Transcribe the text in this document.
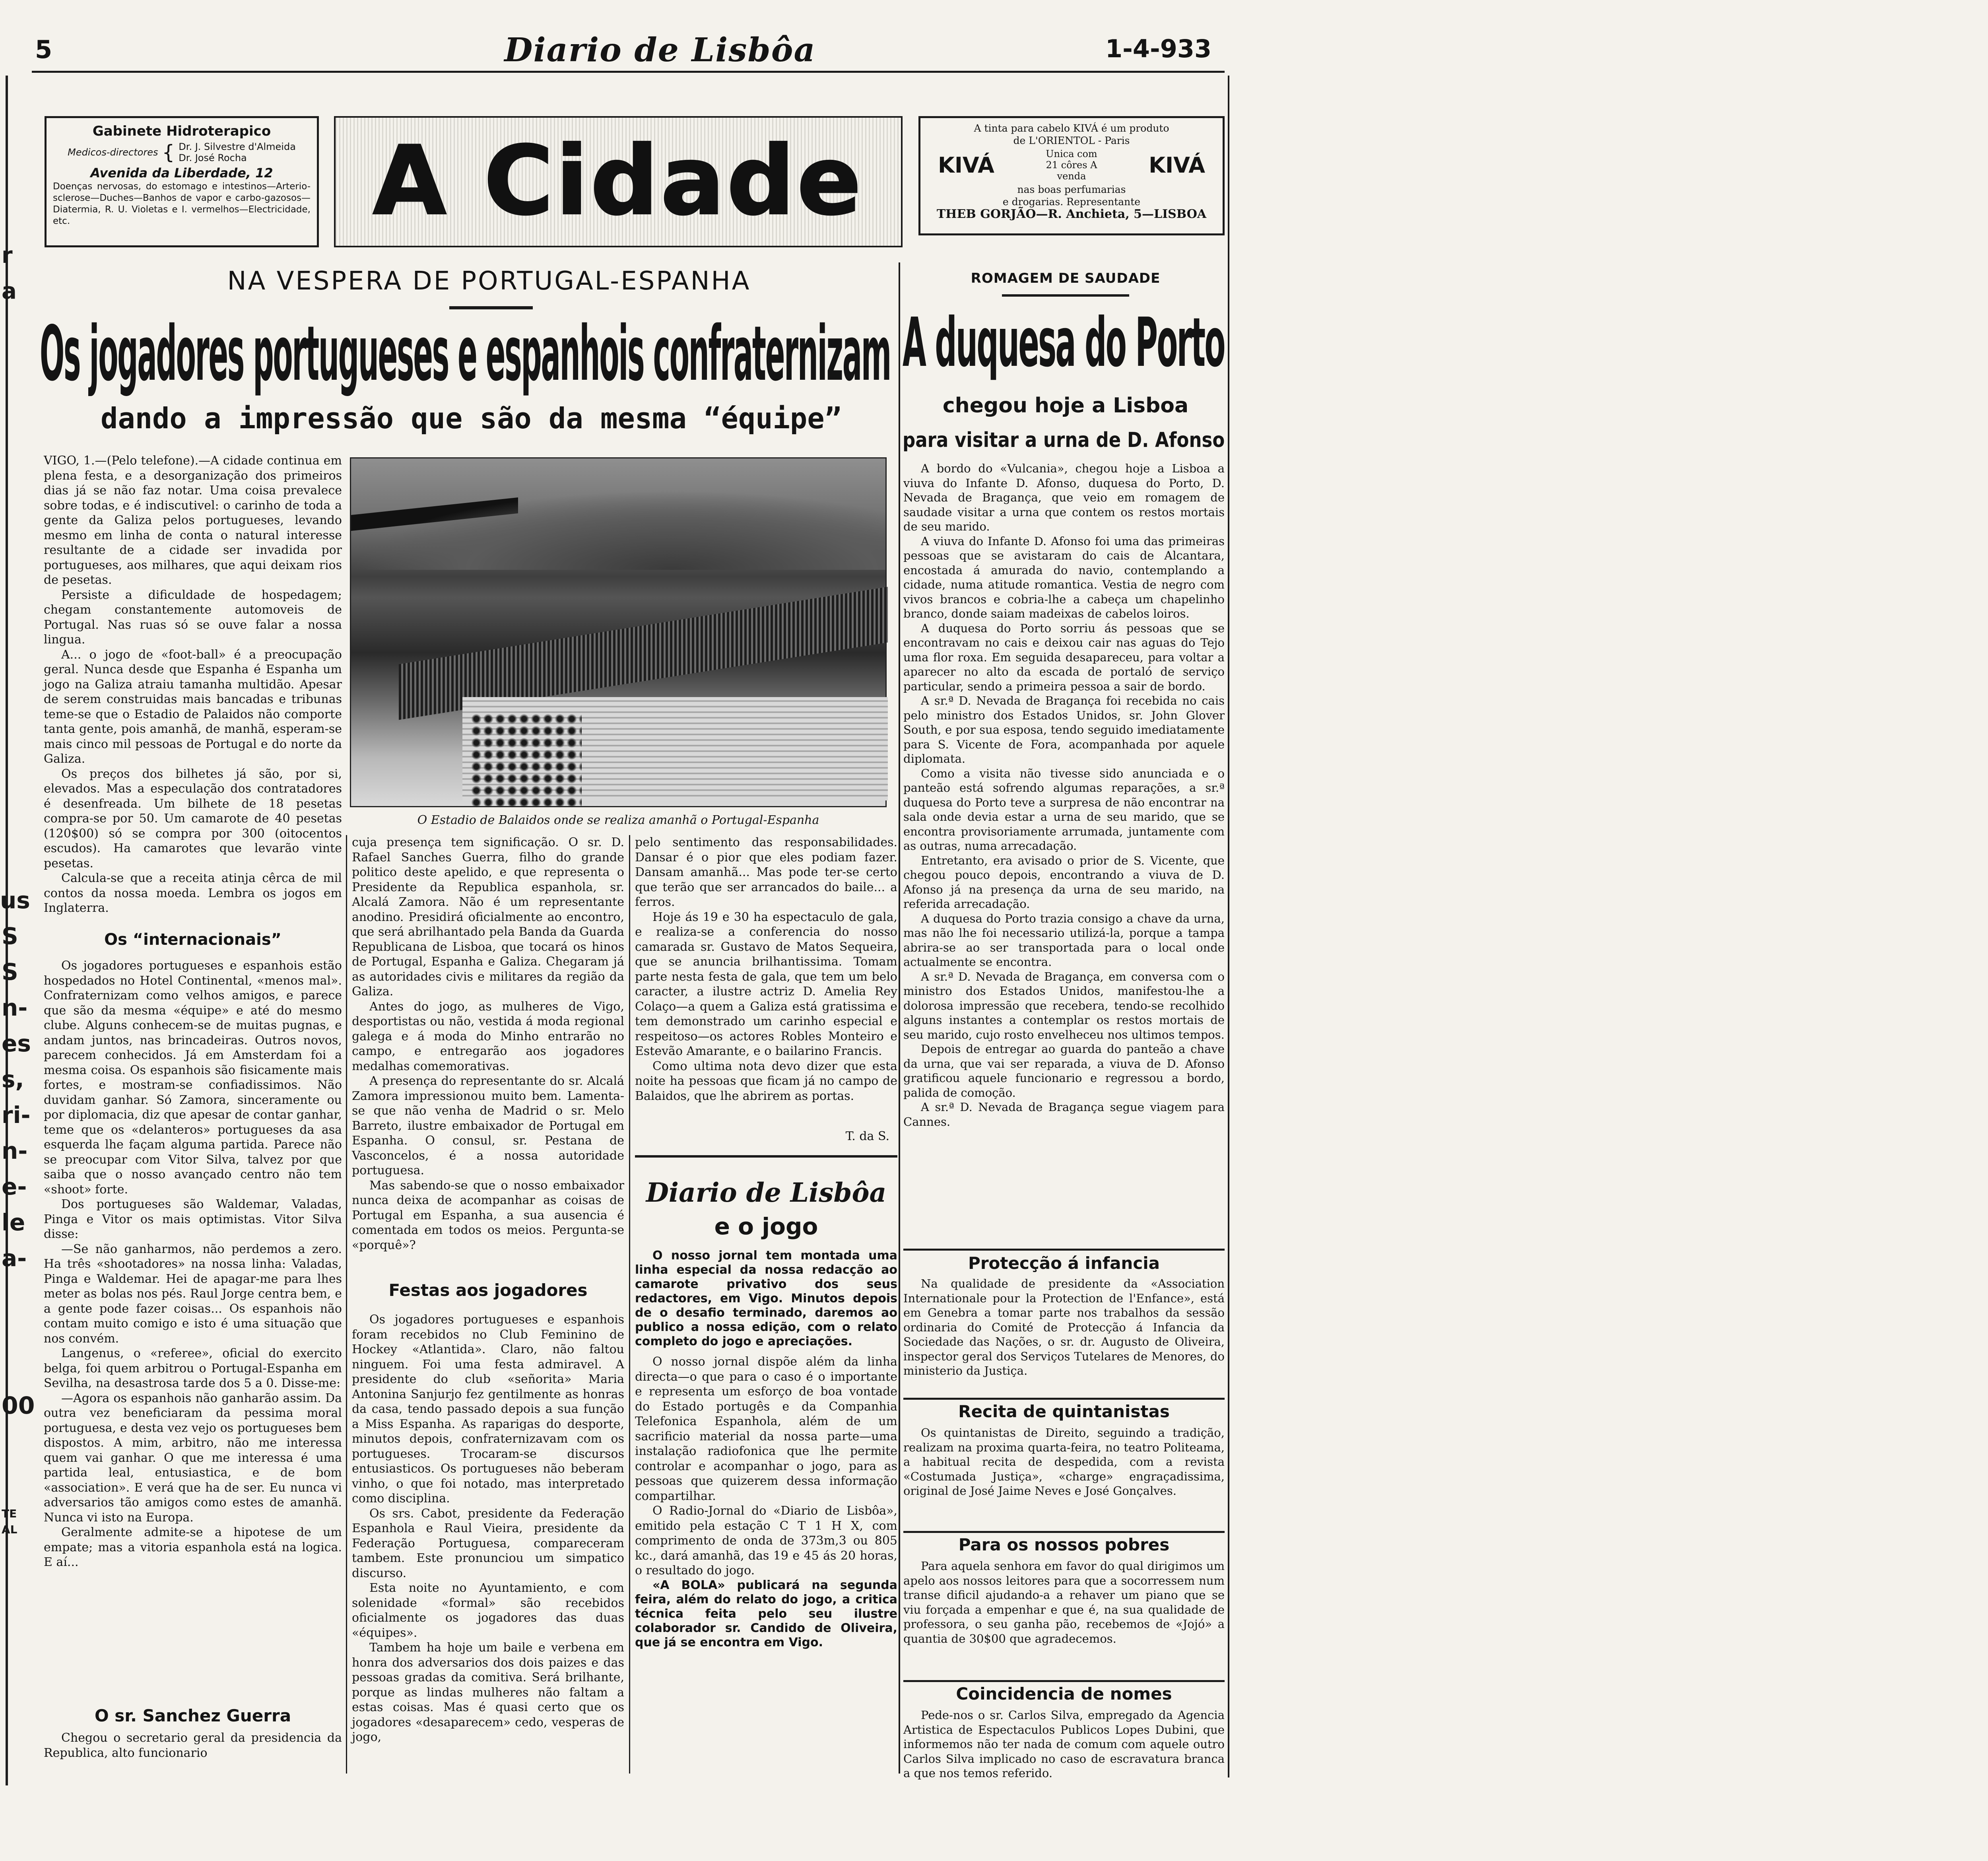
5	Diario de Lisbôa	1-4-933
r
a
us
S
S
n-
es
s,
ri-
n-
e-
le
a-
00
TE
AL
Gabinete Hidroterapico
Medicos-directores { Dr. J. Silvestre d'Almeida
Dr. José Rocha
Avenida da Liberdade, 12
Doenças nervosas, do estomago e intestinos—Arterio-sclerose—Duches—Banhos de vapor e carbo-gazosos—Diatermia, R. U. Violetas e I. vermelhos—Electricidade, etc.	A Cidade	A tinta para cabelo KIVÁ é um produto
de L'ORIENTOL - Paris
KIVÁ	Unica com 21 côres A venda	KIVÁ
nas boas perfumarias
e drogarias. Representante
THEB GORJÃO—R. Anchieta, 5—LISBOA
NA VESPERA DE PORTUGAL-ESPANHA
Os jogadores portugueses e espanhois confraternizam
dando a impressão que são da mesma “équipe”
O Estadio de Balaidos onde se realiza amanhã o Portugal-Espanha

VIGO, 1.—(Pelo telefone).—A cidade continua em plena festa, e a desorganização dos primeiros dias já se não faz notar. Uma coisa prevalece sobre todas, e é indiscutivel: o carinho de toda a gente da Galiza pelos portugueses, levando mesmo em linha de conta o natural interesse resultante de a cidade ser invadida por portugueses, aos milhares, que aqui deixam rios de pesetas.

Persiste a dificuldade de hospedagem; chegam constantemente automoveis de Portugal. Nas ruas só se ouve falar a nossa lingua.

A... o jogo de «foot-ball» é a preocupação geral. Nunca desde que Espanha é Espanha um jogo na Galiza atraiu tamanha multidão. Apesar de serem construidas mais bancadas e tribunas teme-se que o Estadio de Palaidos não comporte tanta gente, pois amanhã, de manhã, esperam-se mais cinco mil pessoas de Portugal e do norte da Galiza.

Os preços dos bilhetes já são, por si, elevados. Mas a especulação dos contratadores é desenfreada. Um bilhete de 18 pesetas compra-se por 50. Um camarote de 40 pesetas (120$00) só se compra por 300 (oitocentos escudos). Ha camarotes que levarão vinte pesetas.

Calcula-se que a receita atinja cêrca de mil contos da nossa moeda. Lembra os jogos em Inglaterra.

Os “internacionais”

Os jogadores portugueses e espanhois estão hospedados no Hotel Continental, «menos mal». Confraternizam como velhos amigos, e parece que são da mesma «équipe» e até do mesmo clube. Alguns conhecem-se de muitas pugnas, e andam juntos, nas brincadeiras. Outros novos, parecem conhecidos. Já em Amsterdam foi a mesma coisa. Os espanhois são fisicamente mais fortes, e mostram-se confiadissimos. Não duvidam ganhar. Só Zamora, sinceramente ou por diplomacia, diz que apesar de contar ganhar, teme que os «delanteros» portugueses da asa esquerda lhe façam alguma partida. Parece não se preocupar com Vitor Silva, talvez por que saiba que o nosso avançado centro não tem «shoot» forte.

Dos portugueses são Waldemar, Valadas, Pinga e Vitor os mais optimistas. Vitor Silva disse:

—Se não ganharmos, não perdemos a zero. Ha três «shootadores» na nossa linha: Valadas, Pinga e Waldemar. Hei de apagar-me para lhes meter as bolas nos pés. Raul Jorge centra bem, e a gente pode fazer coisas... Os espanhois não contam muito comigo e isto é uma situação que nos convém.

Langenus, o «referee», oficial do exercito belga, foi quem arbitrou o Portugal-Espanha em Sevilha, na desastrosa tarde dos 5 a 0. Disse-me:

—Agora os espanhois não ganharão assim. Da outra vez beneficiaram da pessima moral portuguesa, e desta vez vejo os portugueses bem dispostos. A mim, arbitro, não me interessa quem vai ganhar. O que me interessa é uma partida leal, entusiastica, e de bom «association». E verá que ha de ser. Eu nunca vi adversarios tão amigos como estes de amanhã. Nunca vi isto na Europa.

Geralmente admite-se a hipotese de um empate; mas a vitoria espanhola está na logica. E aí...

O sr. Sanchez Guerra

Chegou o secretario geral da presidencia da Republica, alto funcionario

cuja presença tem significação. O sr. D. Rafael Sanches Guerra, filho do grande politico deste apelido, e que representa o Presidente da Republica espanhola, sr. Alcalá Zamora. Não é um representante anodino. Presidirá oficialmente ao encontro, que será abrilhantado pela Banda da Guarda Republicana de Lisboa, que tocará os hinos de Portugal, Espanha e Galiza. Chegaram já as autoridades civis e militares da região da Galiza.

Antes do jogo, as mulheres de Vigo, desportistas ou não, vestida á moda regional galega e á moda do Minho entrarão no campo, e entregarão aos jogadores medalhas comemorativas.

A presença do representante do sr. Alcalá Zamora impressionou muito bem. Lamenta-se que não venha de Madrid o sr. Melo Barreto, ilustre embaixador de Portugal em Espanha. O consul, sr. Pestana de Vasconcelos, é a nossa autoridade portuguesa.

Mas sabendo-se que o nosso embaixador nunca deixa de acompanhar as coisas de Portugal em Espanha, a sua ausencia é comentada em todos os meios. Pergunta-se «porquê»?

Festas aos jogadores

Os jogadores portugueses e espanhois foram recebidos no Club Feminino de Hockey «Atlantida». Claro, não faltou ninguem. Foi uma festa admiravel. A presidente do club «señorita» Maria Antonina Sanjurjo fez gentilmente as honras da casa, tendo passado depois a sua função a Miss Espanha. As raparigas do desporte, minutos depois, confraternizavam com os portugueses. Trocaram-se discursos entusiasticos. Os portugueses não beberam vinho, o que foi notado, mas interpretado como disciplina.

Os srs. Cabot, presidente da Federação Espanhola e Raul Vieira, presidente da Federação Portuguesa, compareceram tambem. Este pronunciou um simpatico discurso.

Esta noite no Ayuntamiento, e com solenidade «formal» são recebidos oficialmente os jogadores das duas «équipes».

Tambem ha hoje um baile e verbena em honra dos adversarios dos dois paizes e das pessoas gradas da comitiva. Será brilhante, porque as lindas mulheres não faltam a estas coisas. Mas é quasi certo que os jogadores «desaparecem» cedo, vesperas de jogo,

pelo sentimento das responsabilidades. Dansar é o pior que eles podiam fazer. Dansam amanhã... Mas pode ter-se certo que terão que ser arrancados do baile... a ferros.

Hoje ás 19 e 30 ha espectaculo de gala, e realiza-se a conferencia do nosso camarada sr. Gustavo de Matos Sequeira, que se anuncia brilhantissima. Tomam parte nesta festa de gala, que tem um belo caracter, a ilustre actriz D. Amelia Rey Colaço—a quem a Galiza está gratissima e tem demonstrado um carinho especial e respeitoso—os actores Robles Monteiro e Estevão Amarante, e o bailarino Francis.

Como ultima nota devo dizer que esta noite ha pessoas que ficam já no campo de Balaidos, que lhe abrirem as portas.

T. da S.
Diario de Lisbôa
e o jogo

O nosso jornal tem montada uma linha especial da nossa redacção ao camarote privativo dos seus redactores, em Vigo. Minutos depois de o desafio terminado, daremos ao publico a nossa edição, com o relato completo do jogo e apreciações.

O nosso jornal dispõe além da linha directa—o que para o caso é o importante e representa um esforço de boa vontade do Estado portugês e da Companhia Telefonica Espanhola, além de um sacrificio material da nossa parte—uma instalação radiofonica que lhe permite controlar e acompanhar o jogo, para as pessoas que quizerem dessa informação compartilhar.

O Radio-Jornal do «Diario de Lisbôa», emitido pela estação C T 1 H X, com comprimento de onda de 373m,3 ou 805 kc., dará amanhã, das 19 e 45 ás 20 horas, o resultado do jogo.

«A BOLA» publicará na segunda feira, além do relato do jogo, a critica técnica feita pelo seu ilustre colaborador sr. Candido de Oliveira, que já se encontra em Vigo.

ROMAGEM DE SAUDADE
A duquesa do Porto
chegou hoje a Lisboa
para visitar a urna de D. Afonso

A bordo do «Vulcania», chegou hoje a Lisboa a viuva do Infante D. Afonso, duquesa do Porto, D. Nevada de Bragança, que veio em romagem de saudade visitar a urna que contem os restos mortais de seu marido.

A viuva do Infante D. Afonso foi uma das primeiras pessoas que se avistaram do cais de Alcantara, encostada á amurada do navio, contemplando a cidade, numa atitude romantica. Vestia de negro com vivos brancos e cobria-lhe a cabeça um chapelinho branco, donde saiam madeixas de cabelos loiros.

A duquesa do Porto sorriu ás pessoas que se encontravam no cais e deixou cair nas aguas do Tejo uma flor roxa. Em seguida desapareceu, para voltar a aparecer no alto da escada de portaló de serviço particular, sendo a primeira pessoa a sair de bordo.

A sr.ª D. Nevada de Bragança foi recebida no cais pelo ministro dos Estados Unidos, sr. John Glover South, e por sua esposa, tendo seguido imediatamente para S. Vicente de Fora, acompanhada por aquele diplomata.

Como a visita não tivesse sido anunciada e o panteão está sofrendo algumas reparações, a sr.ª duquesa do Porto teve a surpresa de não encontrar na sala onde devia estar a urna de seu marido, que se encontra provisoriamente arrumada, juntamente com as outras, numa arrecadação.

Entretanto, era avisado o prior de S. Vicente, que chegou pouco depois, encontrando a viuva de D. Afonso já na presença da urna de seu marido, na referida arrecadação.

A duquesa do Porto trazia consigo a chave da urna, mas não lhe foi necessario utilizá-la, porque a tampa abrira-se ao ser transportada para o local onde actualmente se encontra.

A sr.ª D. Nevada de Bragança, em conversa com o ministro dos Estados Unidos, manifestou-lhe a dolorosa impressão que recebera, tendo-se recolhido alguns instantes a contemplar os restos mortais de seu marido, cujo rosto envelheceu nos ultimos tempos.

Depois de entregar ao guarda do panteão a chave da urna, que vai ser reparada, a viuva de D. Afonso gratificou aquele funcionario e regressou a bordo, palida de comoção.

A sr.ª D. Nevada de Bragança segue viagem para Cannes.

Protecção á infancia

Na qualidade de presidente da «Association Internationale pour la Protection de l'Enfance», está em Genebra a tomar parte nos trabalhos da sessão ordinaria do Comité de Protecção á Infancia da Sociedade das Nações, o sr. dr. Augusto de Oliveira, inspector geral dos Serviços Tutelares de Menores, do ministerio da Justiça.

Recita de quintanistas

Os quintanistas de Direito, seguindo a tradição, realizam na proxima quarta-feira, no teatro Politeama, a habitual recita de despedida, com a revista «Costumada Justiça», «charge» engraçadissima, original de José Jaime Neves e José Gonçalves.

Para os nossos pobres

Para aquela senhora em favor do qual dirigimos um apelo aos nossos leitores para que a socorressem num transe dificil ajudando-a a rehaver um piano que se viu forçada a empenhar e que é, na sua qualidade de professora, o seu ganha pão, recebemos de «Jojó» a quantia de 30$00 que agradecemos.

Coincidencia de nomes

Pede-nos o sr. Carlos Silva, empregado da Agencia Artistica de Espectaculos Publicos Lopes Dubini, que informemos não ter nada de comum com aquele outro Carlos Silva implicado no caso de escravatura branca a que nos temos referido.
